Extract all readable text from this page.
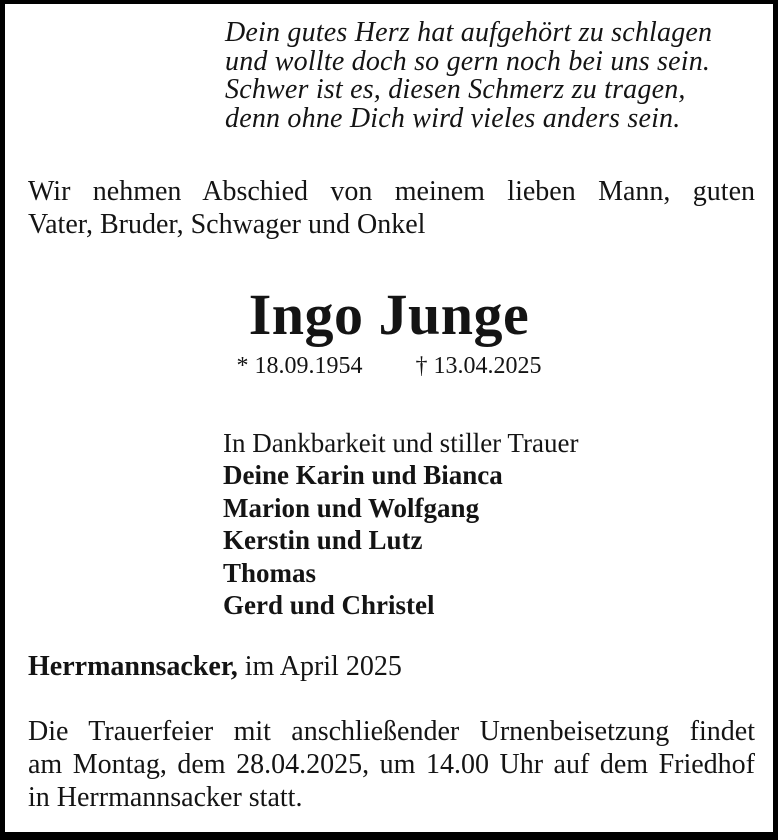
Dein gutes Herz hat aufgehört zu schlagen
und wollte doch so gern noch bei uns sein.
Schwer ist es, diesen Schmerz zu tragen,
denn ohne Dich wird vieles anders sein.
Wir nehmen Abschied von meinem lieben Mann, guten
Vater, Bruder, Schwager und Onkel
Ingo Junge
* 18.09.1954 † 13.04.2025
In Dankbarkeit und stiller Trauer
Deine Karin und Bianca
Marion und Wolfgang
Kerstin und Lutz
Thomas
Gerd und Christel
Herrmannsacker, im April 2025
Die Trauerfeier mit anschließender Urnenbeisetzung findet
am Montag, dem 28.04.2025, um 14.00 Uhr auf dem Friedhof
in Herrmannsacker statt.
